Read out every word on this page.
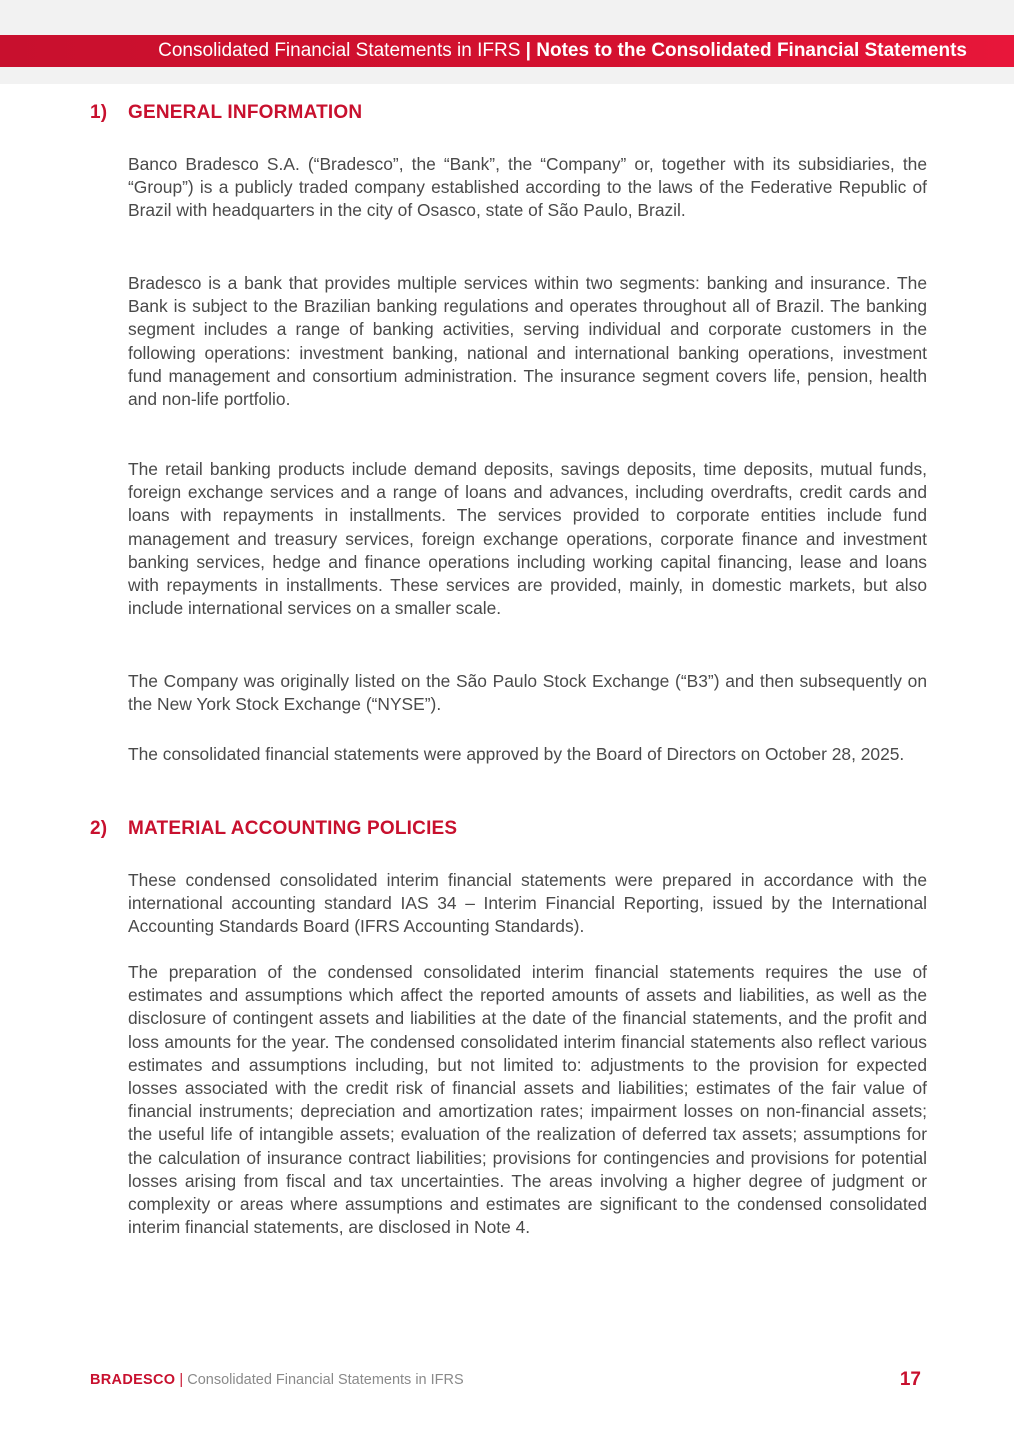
Consolidated Financial Statements in IFRS | Notes to the Consolidated Financial Statements
1) GENERAL INFORMATION

Banco Bradesco S.A. (“Bradesco”, the “Bank”, the “Company” or, together with its subsidiaries, the “Group”) is a publicly traded company established according to the laws of the Federative Republic of Brazil with headquarters in the city of Osasco, state of São Paulo, Brazil.

Bradesco is a bank that provides multiple services within two segments: banking and insurance. The Bank is subject to the Brazilian banking regulations and operates throughout all of Brazil. The banking segment includes a range of banking activities, serving individual and corporate customers in the following operations: investment banking, national and international banking operations, investment fund management and consortium administration. The insurance segment covers life, pension, health and non-life portfolio.

The retail banking products include demand deposits, savings deposits, time deposits, mutual funds, foreign exchange services and a range of loans and advances, including overdrafts, credit cards and loans with repayments in installments. The services provided to corporate entities include fund management and treasury services, foreign exchange operations, corporate finance and investment banking services, hedge and finance operations including working capital financing, lease and loans with repayments in installments. These services are provided, mainly, in domestic markets, but also include international services on a smaller scale.

The Company was originally listed on the São Paulo Stock Exchange (“B3”) and then subsequently on the New York Stock Exchange (“NYSE”).

The consolidated financial statements were approved by the Board of Directors on October 28, 2025.

2) MATERIAL ACCOUNTING POLICIES

These condensed consolidated interim financial statements were prepared in accordance with the international accounting standard IAS 34 – Interim Financial Reporting, issued by the International Accounting Standards Board (IFRS Accounting Standards).

The preparation of the condensed consolidated interim financial statements requires the use of estimates and assumptions which affect the reported amounts of assets and liabilities, as well as the disclosure of contingent assets and liabilities at the date of the financial statements, and the profit and loss amounts for the year. The condensed consolidated interim financial statements also reflect various estimates and assumptions including, but not limited to: adjustments to the provision for expected losses associated with the credit risk of financial assets and liabilities; estimates of the fair value of financial instruments; depreciation and amortization rates; impairment losses on non-financial assets; the useful life of intangible assets; evaluation of the realization of deferred tax assets; assumptions for the calculation of insurance contract liabilities; provisions for contingencies and provisions for potential losses arising from fiscal and tax uncertainties. The areas involving a higher degree of judgment or complexity or areas where assumptions and estimates are significant to the condensed consolidated interim financial statements, are disclosed in Note 4.

BRADESCO | Consolidated Financial Statements in IFRS	17
